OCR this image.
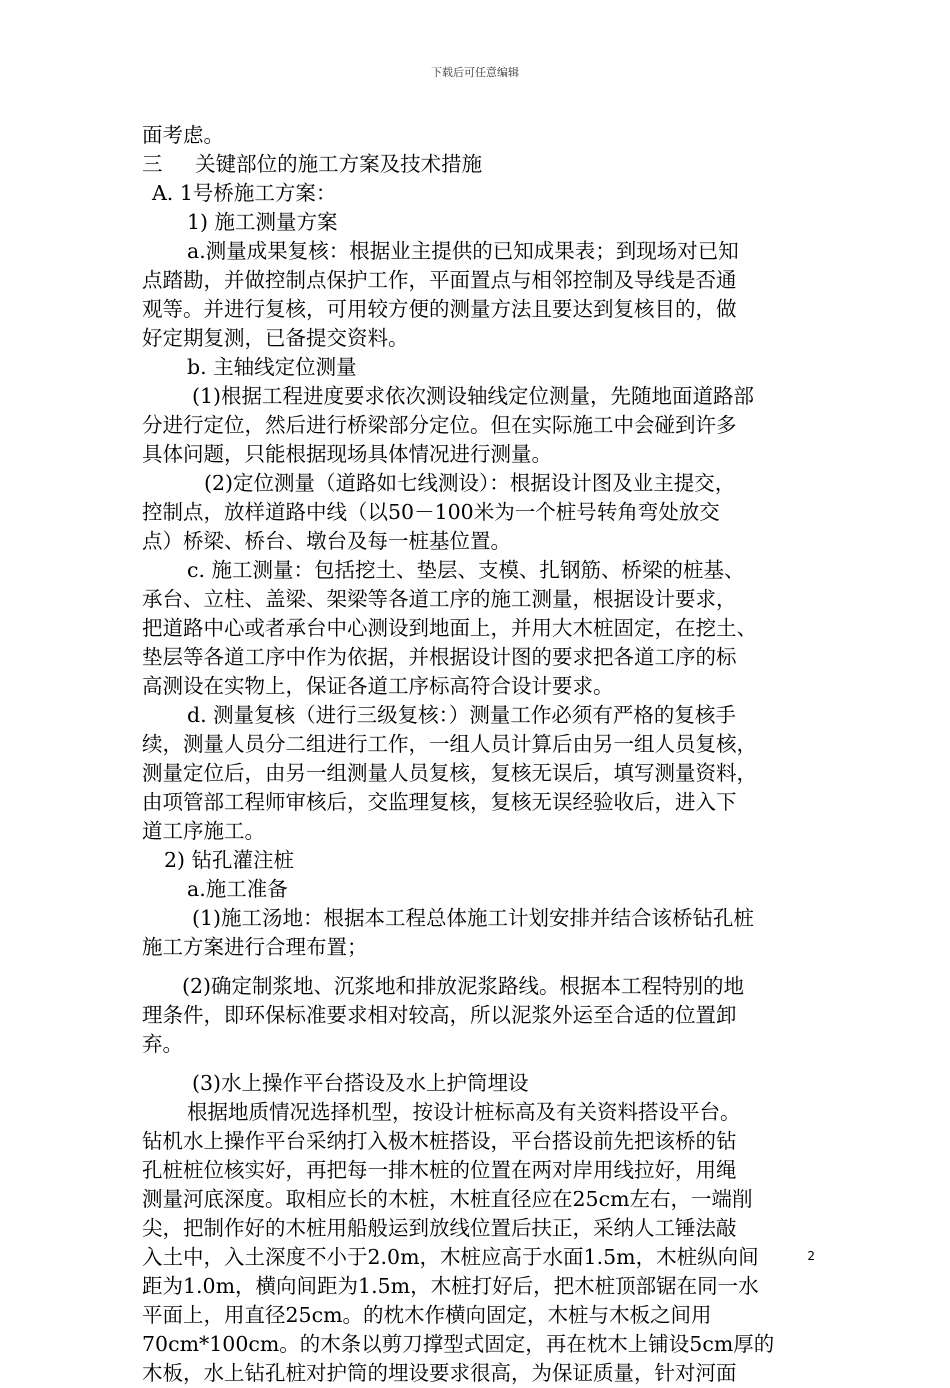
下载后可任意编辑
面考虑。
三     关键部位的施工方案及技术措施
A. 1号桥施工方案：
1) 施工测量方案
a.测量成果复核：根据业主提供的已知成果表；到现场对已知
点踏勘，并做控制点保护工作，平面置点与相邻控制及导线是否通
观等。并进行复核，可用较方便的测量方法且要达到复核目的，做
好定期复测，已备提交资料。
b. 主轴线定位测量
(1)根据工程进度要求依次测设轴线定位测量，先随地面道路部
分进行定位，然后进行桥梁部分定位。但在实际施工中会碰到许多
具体问题，只能根据现场具体情况进行测量。
(2)定位测量（道路如七线测设）：根据设计图及业主提交，
控制点，放样道路中线（以50－100米为一个桩号转角弯处放交
点）桥梁、桥台、墩台及每一桩基位置。
c. 施工测量：包括挖土、垫层、支模、扎钢筋、桥梁的桩基、
承台、立柱、盖梁、架梁等各道工序的施工测量，根据设计要求，
把道路中心或者承台中心测设到地面上，并用大木桩固定，在挖土、
垫层等各道工序中作为依据，并根据设计图的要求把各道工序的标
高测设在实物上，保证各道工序标高符合设计要求。
d. 测量复核（进行三级复核：）测量工作必须有严格的复核手
续，测量人员分二组进行工作，一组人员计算后由另一组人员复核，
测量定位后，由另一组测量人员复核，复核无误后，填写测量资料，
由项管部工程师审核后，交监理复核，复核无误经验收后，进入下
道工序施工。
2) 钻孔灌注桩
a.施工准备
(1)施工汤地：根据本工程总体施工计划安排并结合该桥钻孔桩
施工方案进行合理布置；
(2)确定制浆地、沉浆地和排放泥浆路线。根据本工程特别的地
理条件，即环保标准要求相对较高，所以泥浆外运至合适的位置卸
弃。
(3)水上操作平台搭设及水上护筒埋设
根据地质情况选择机型，按设计桩标高及有关资料搭设平台。
钻机水上操作平台采纳打入极木桩搭设，平台搭设前先把该桥的钻
孔桩桩位核实好，再把每一排木桩的位置在两对岸用线拉好，用绳
测量河底深度。取相应长的木桩，木桩直径应在25cm左右，一端削
尖，把制作好的木桩用船般运到放线位置后扶正，采纳人工锤法敲
入土中，入土深度不小于2.0m，木桩应高于水面1.5m，木桩纵向间
距为1.0m，横向间距为1.5m，木桩打好后，把木桩顶部锯在同一水
平面上，用直径25cm。的枕木作横向固定，木桩与木板之间用
70cm*100cm。的木条以剪刀撑型式固定，再在枕木上铺设5cm厚的
木板，水上钻孔桩对护筒的埋设要求很高，为保证质量，针对河面
2
